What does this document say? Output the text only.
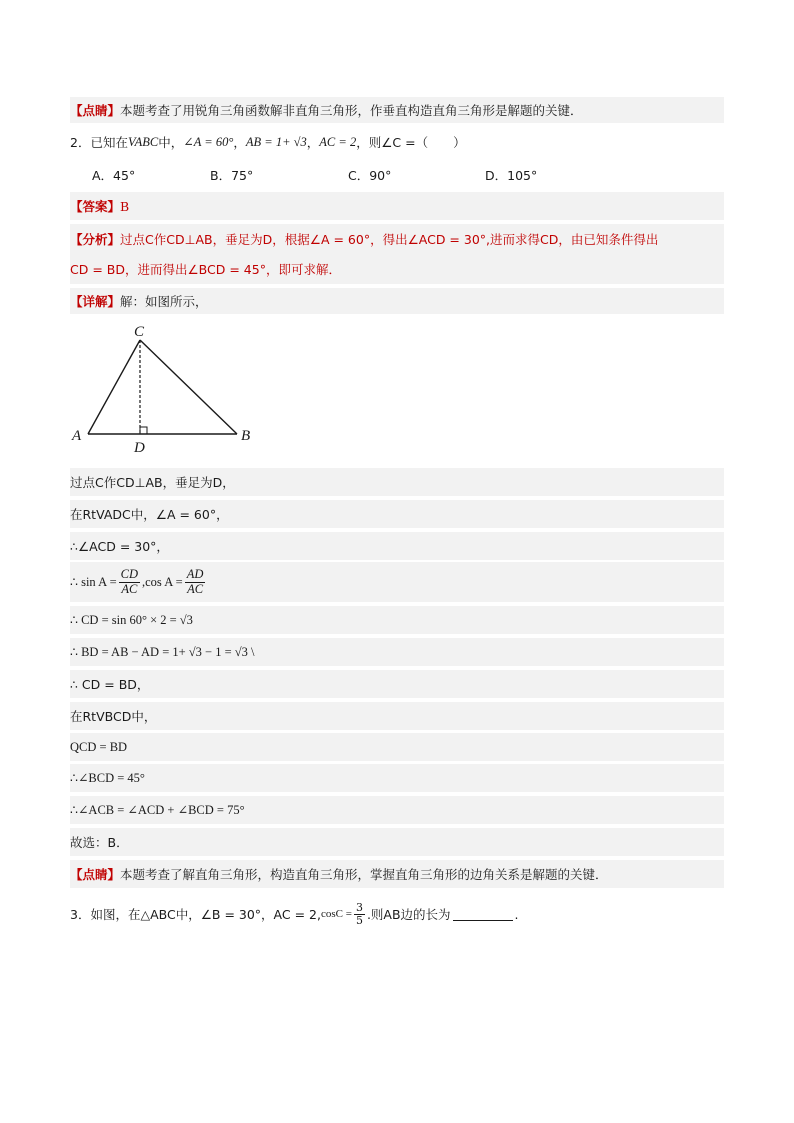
【点睛】 本题考查了用锐角三角函数解非直角三角形，作垂直构造直角三角形是解题的关键．
2．已知在 VABC 中， ∠A = 60° ， AB = 1+ √3 ， AC = 2 ，则∠C =（　　）
A．45°	B．75°	C．90°	D．105°
【答案】 B
【分析】 过点C作CD⊥AB，垂足为D，根据∠A = 60°，得出∠ACD = 30°,进而求得CD，由已知条件得出
CD = BD，进而得出∠BCD = 45°，即可求解．
【详解】 解：如图所示，
C
A	B
D
过点C作CD⊥AB，垂足为D，
在RtVADC中，∠A = 60°，
∴∠ACD = 30°，
∴ $\sin A = \frac{CD}{AC} ,\cos$ $A = \frac{AD}{AC}$
∴ CD = sin 60° × 2 = √3
∴ BD = AB − AD = 1+ √3 − 1 = √3 \
∴ CD = BD，
在RtVBCD中，
QCD = BD
∴∠BCD = 45°
∴∠ACB = ∠ACD + ∠BCD = 75°
故选：B．
【点睛】 本题考查了解直角三角形，构造直角三角形，掌握直角三角形的边角关系是解题的关键．
3．如图，在△ABC中，∠B = 30°，AC = 2, $\cos C = \frac{3}{5}$ .则AB边的长为	.
